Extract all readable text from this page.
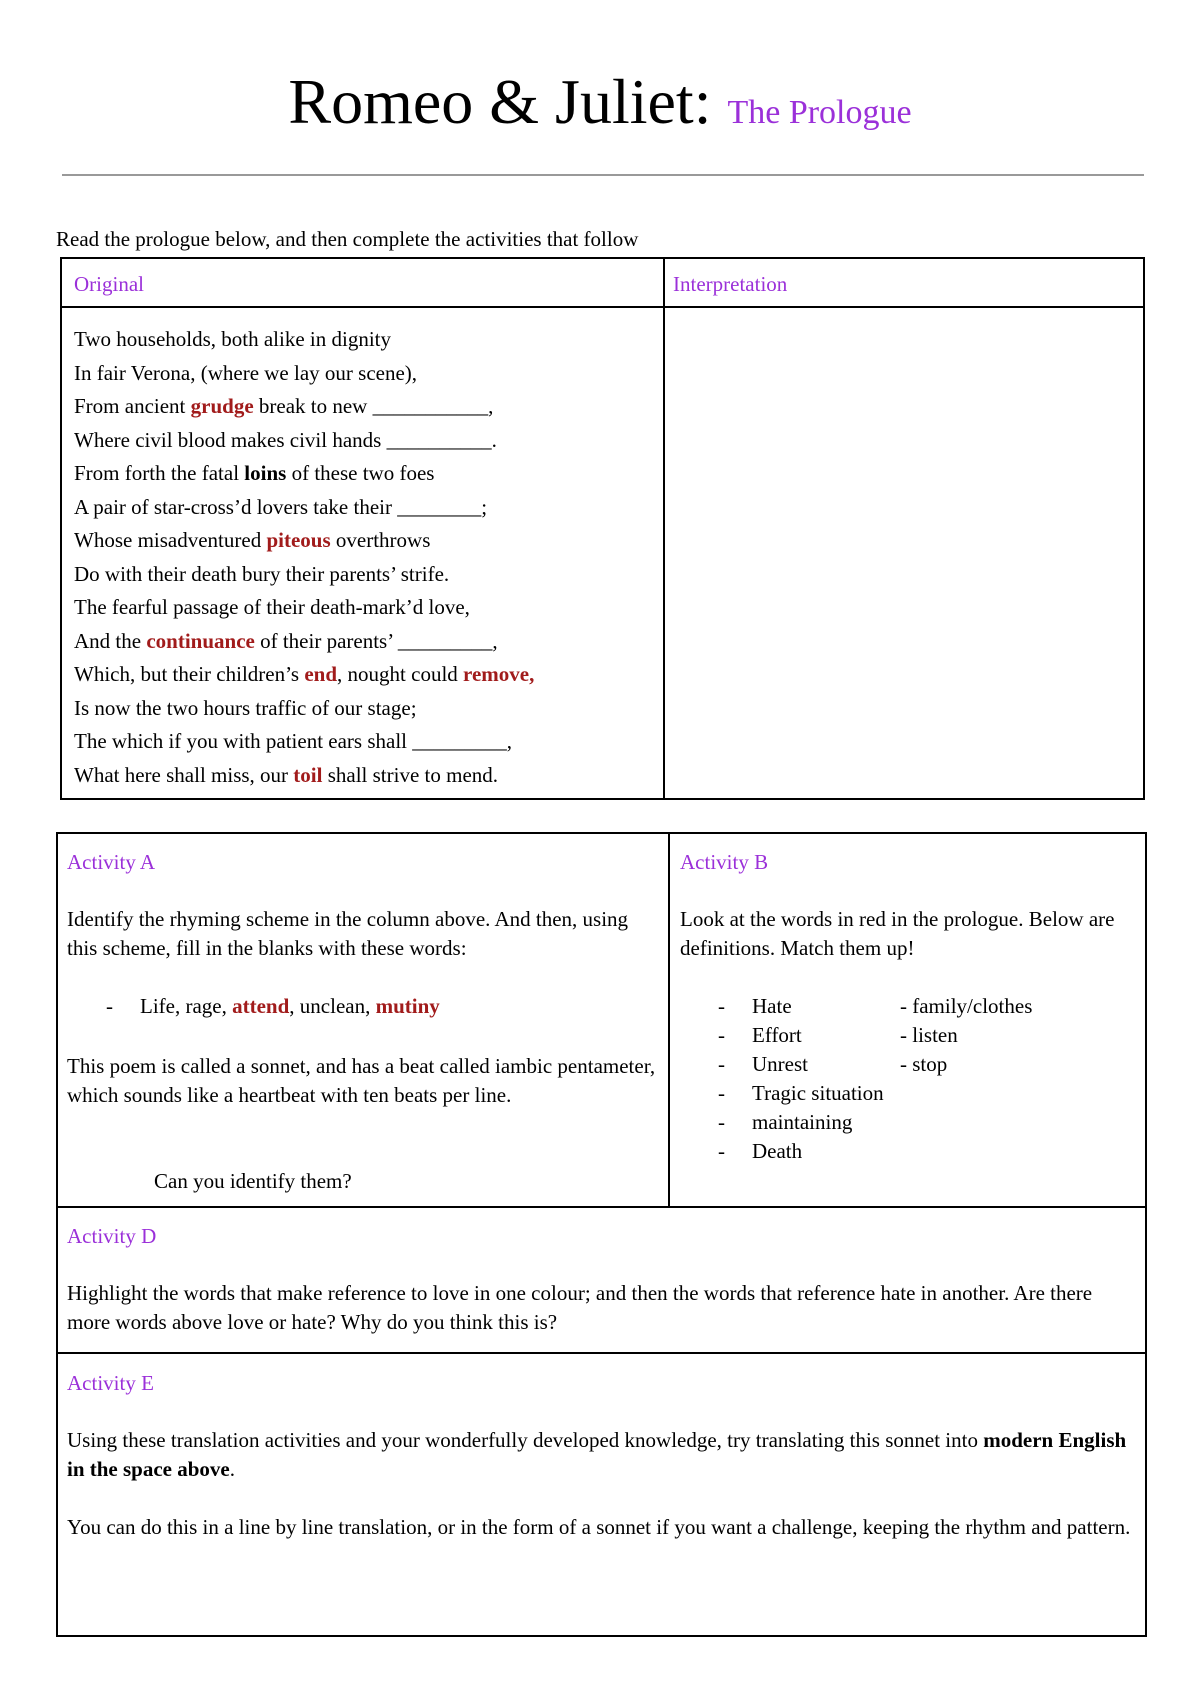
Romeo & Juliet: The Prologue
Read the prologue below, and then complete the activities that follow
Original	Interpretation
Two households, both alike in dignity
In fair Verona, (where we lay our scene),
From ancient grudge break to new ___________,
Where civil blood makes civil hands __________.
From forth the fatal loins of these two foes
A pair of star-cross’d lovers take their ________;
Whose misadventured piteous overthrows
Do with their death bury their parents’ strife.
The fearful passage of their death-mark’d love,
And the continuance of their parents’ _________,
Which, but their children’s end, nought could remove,
Is now the two hours traffic of our stage;
The which if you with patient ears shall _________,
What here shall miss, our toil shall strive to mend.
Activity A
Identify the rhyming scheme in the column above. And then, using this scheme, fill in the blanks with these words:
- Life, rage, attend, unclean, mutiny
This poem is called a sonnet, and has a beat called iambic pentameter, which sounds like a heartbeat with ten beats per line.
Can you identify them?
Activity B
Look at the words in red in the prologue. Below are definitions. Match them up!
- Hate	- family/clothes
- Effort	- listen
- Unrest	- stop
- Tragic situation
- maintaining
- Death
Activity D
Highlight the words that make reference to love in one colour; and then the words that reference hate in another. Are there more words above love or hate? Why do you think this is?
Activity E
Using these translation activities and your wonderfully developed knowledge, try translating this sonnet into modern English in the space above.
You can do this in a line by line translation, or in the form of a sonnet if you want a challenge, keeping the rhythm and pattern.
